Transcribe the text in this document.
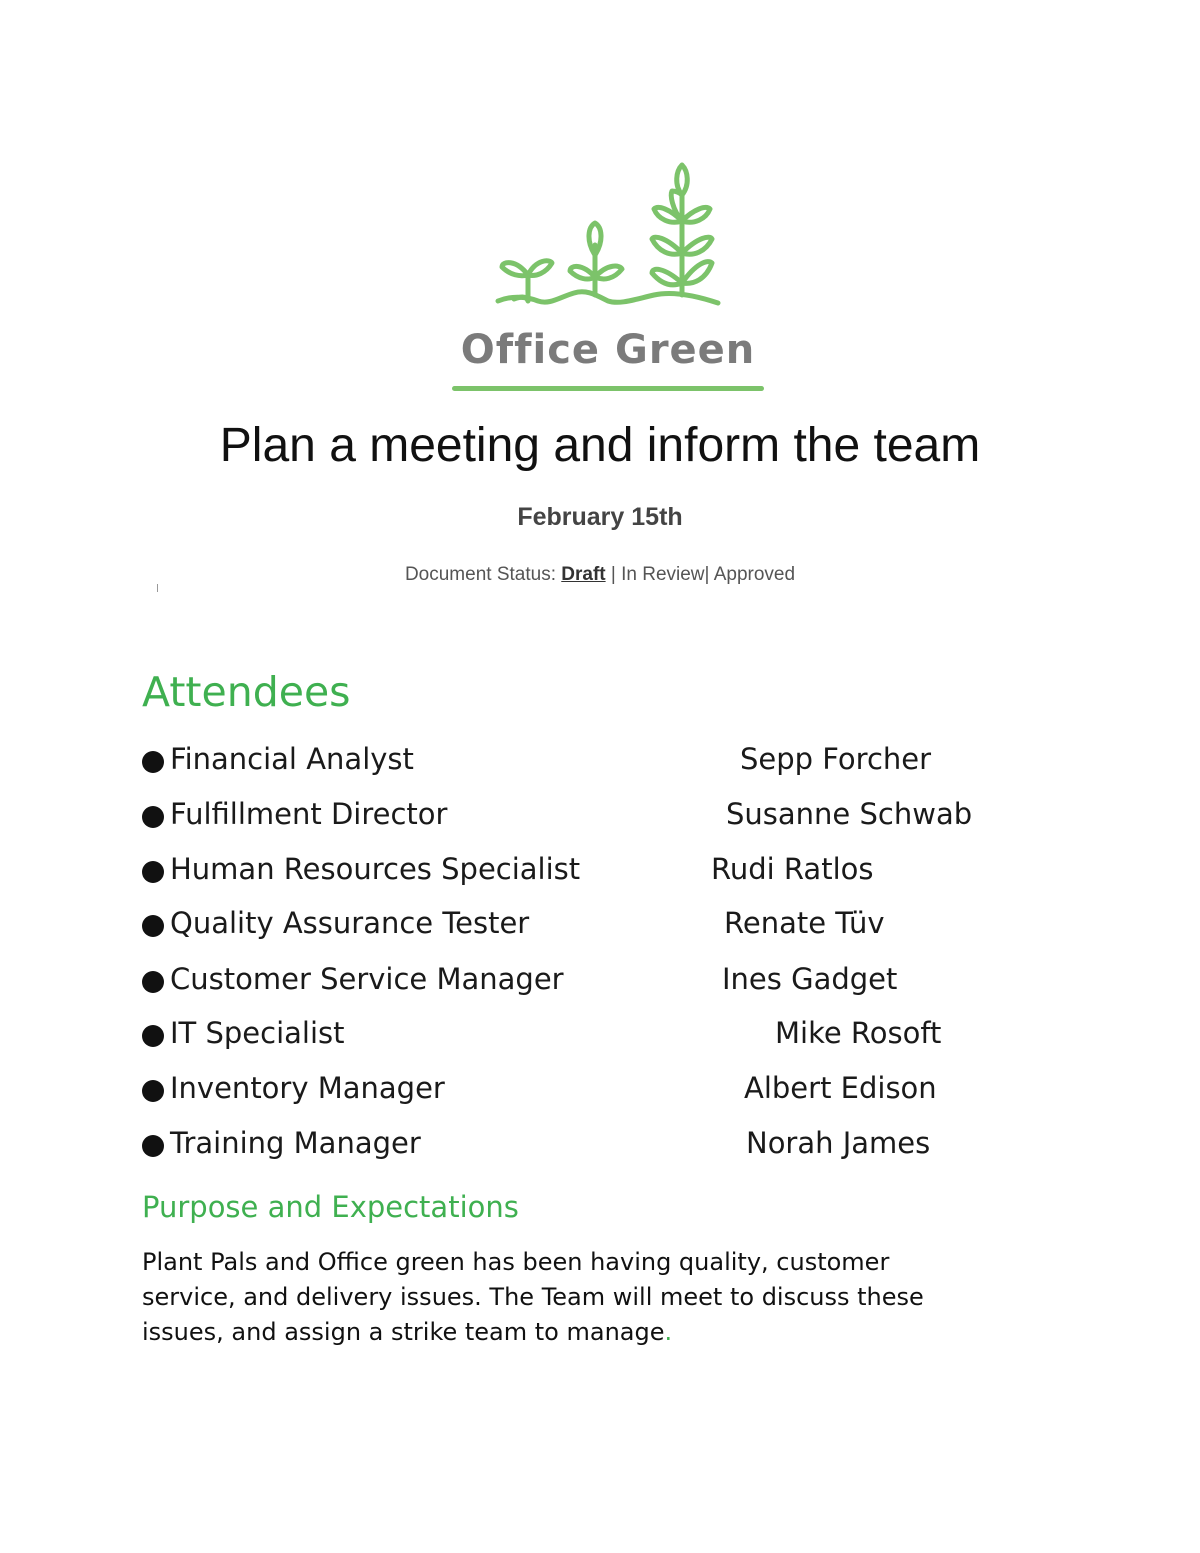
Office Green
Plan a meeting and inform the team
February 15th
Document Status: Draft | In Review| Approved
Attendees
Financial Analyst	Sepp Forcher
Fulfillment Director	Susanne Schwab
Human Resources Specialist	Rudi Ratlos
Quality Assurance Tester	Renate Tüv
Customer Service Manager	Ines Gadget
IT Specialist	Mike Rosoft
Inventory Manager	Albert Edison
Training Manager	Norah James
Purpose and Expectations
Plant Pals and Office green has been having quality, customer
service, and delivery issues. The Team will meet to discuss these
issues, and assign a strike team to manage.
